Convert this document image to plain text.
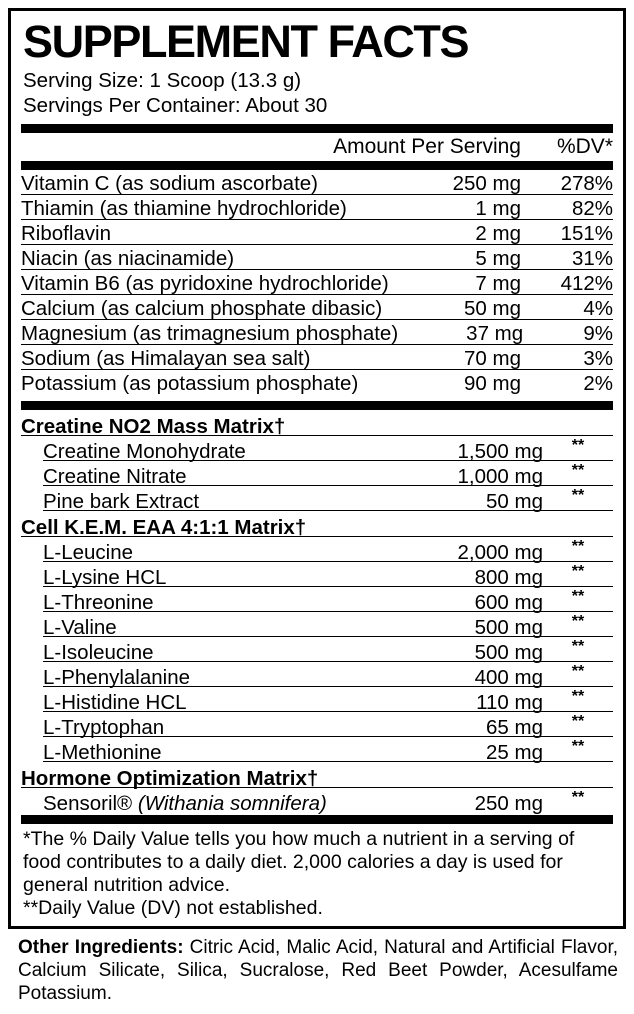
SUPPLEMENT FACTS
Serving Size: 1 Scoop (13.3 g)
Servings Per Container: About 30
Amount Per Serving	%DV*
Vitamin C (as sodium ascorbate)	250 mg	278%
Thiamin (as thiamine hydrochloride)	1 mg	82%
Riboflavin	2 mg	151%
Niacin (as niacinamide)	5 mg	31%
Vitamin B6 (as pyridoxine hydrochloride)	7 mg	412%
Calcium (as calcium phosphate dibasic)	50 mg	4%
Magnesium (as trimagnesium phosphate)	37 mg	9%
Sodium (as Himalayan sea salt)	70 mg	3%
Potassium (as potassium phosphate)	90 mg	2%
Creatine NO2 Mass Matrix†
Creatine Monohydrate	1,500 mg	**
Creatine Nitrate	1,000 mg	**
Pine bark Extract	50 mg	**
Cell K.E.M. EAA 4:1:1 Matrix†
L-Leucine	2,000 mg	**
L-Lysine HCL	800 mg	**
L-Threonine	600 mg	**
L-Valine	500 mg	**
L-Isoleucine	500 mg	**
L-Phenylalanine	400 mg	**
L-Histidine HCL	110 mg	**
L-Tryptophan	65 mg	**
L-Methionine	25 mg	**
Hormone Optimization Matrix†
Sensoril® (Withania somnifera)	250 mg	**

*The % Daily Value tells you how much a nutrient in a serving of food contributes to a daily diet. 2,000 calories a day is used for general nutrition advice.

**Daily Value (DV) not established.

Other Ingredients: Citric Acid, Malic Acid, Natural and Artificial Flavor, Calcium Silicate, Silica, Sucralose, Red Beet Powder, Acesulfame Potassium.
